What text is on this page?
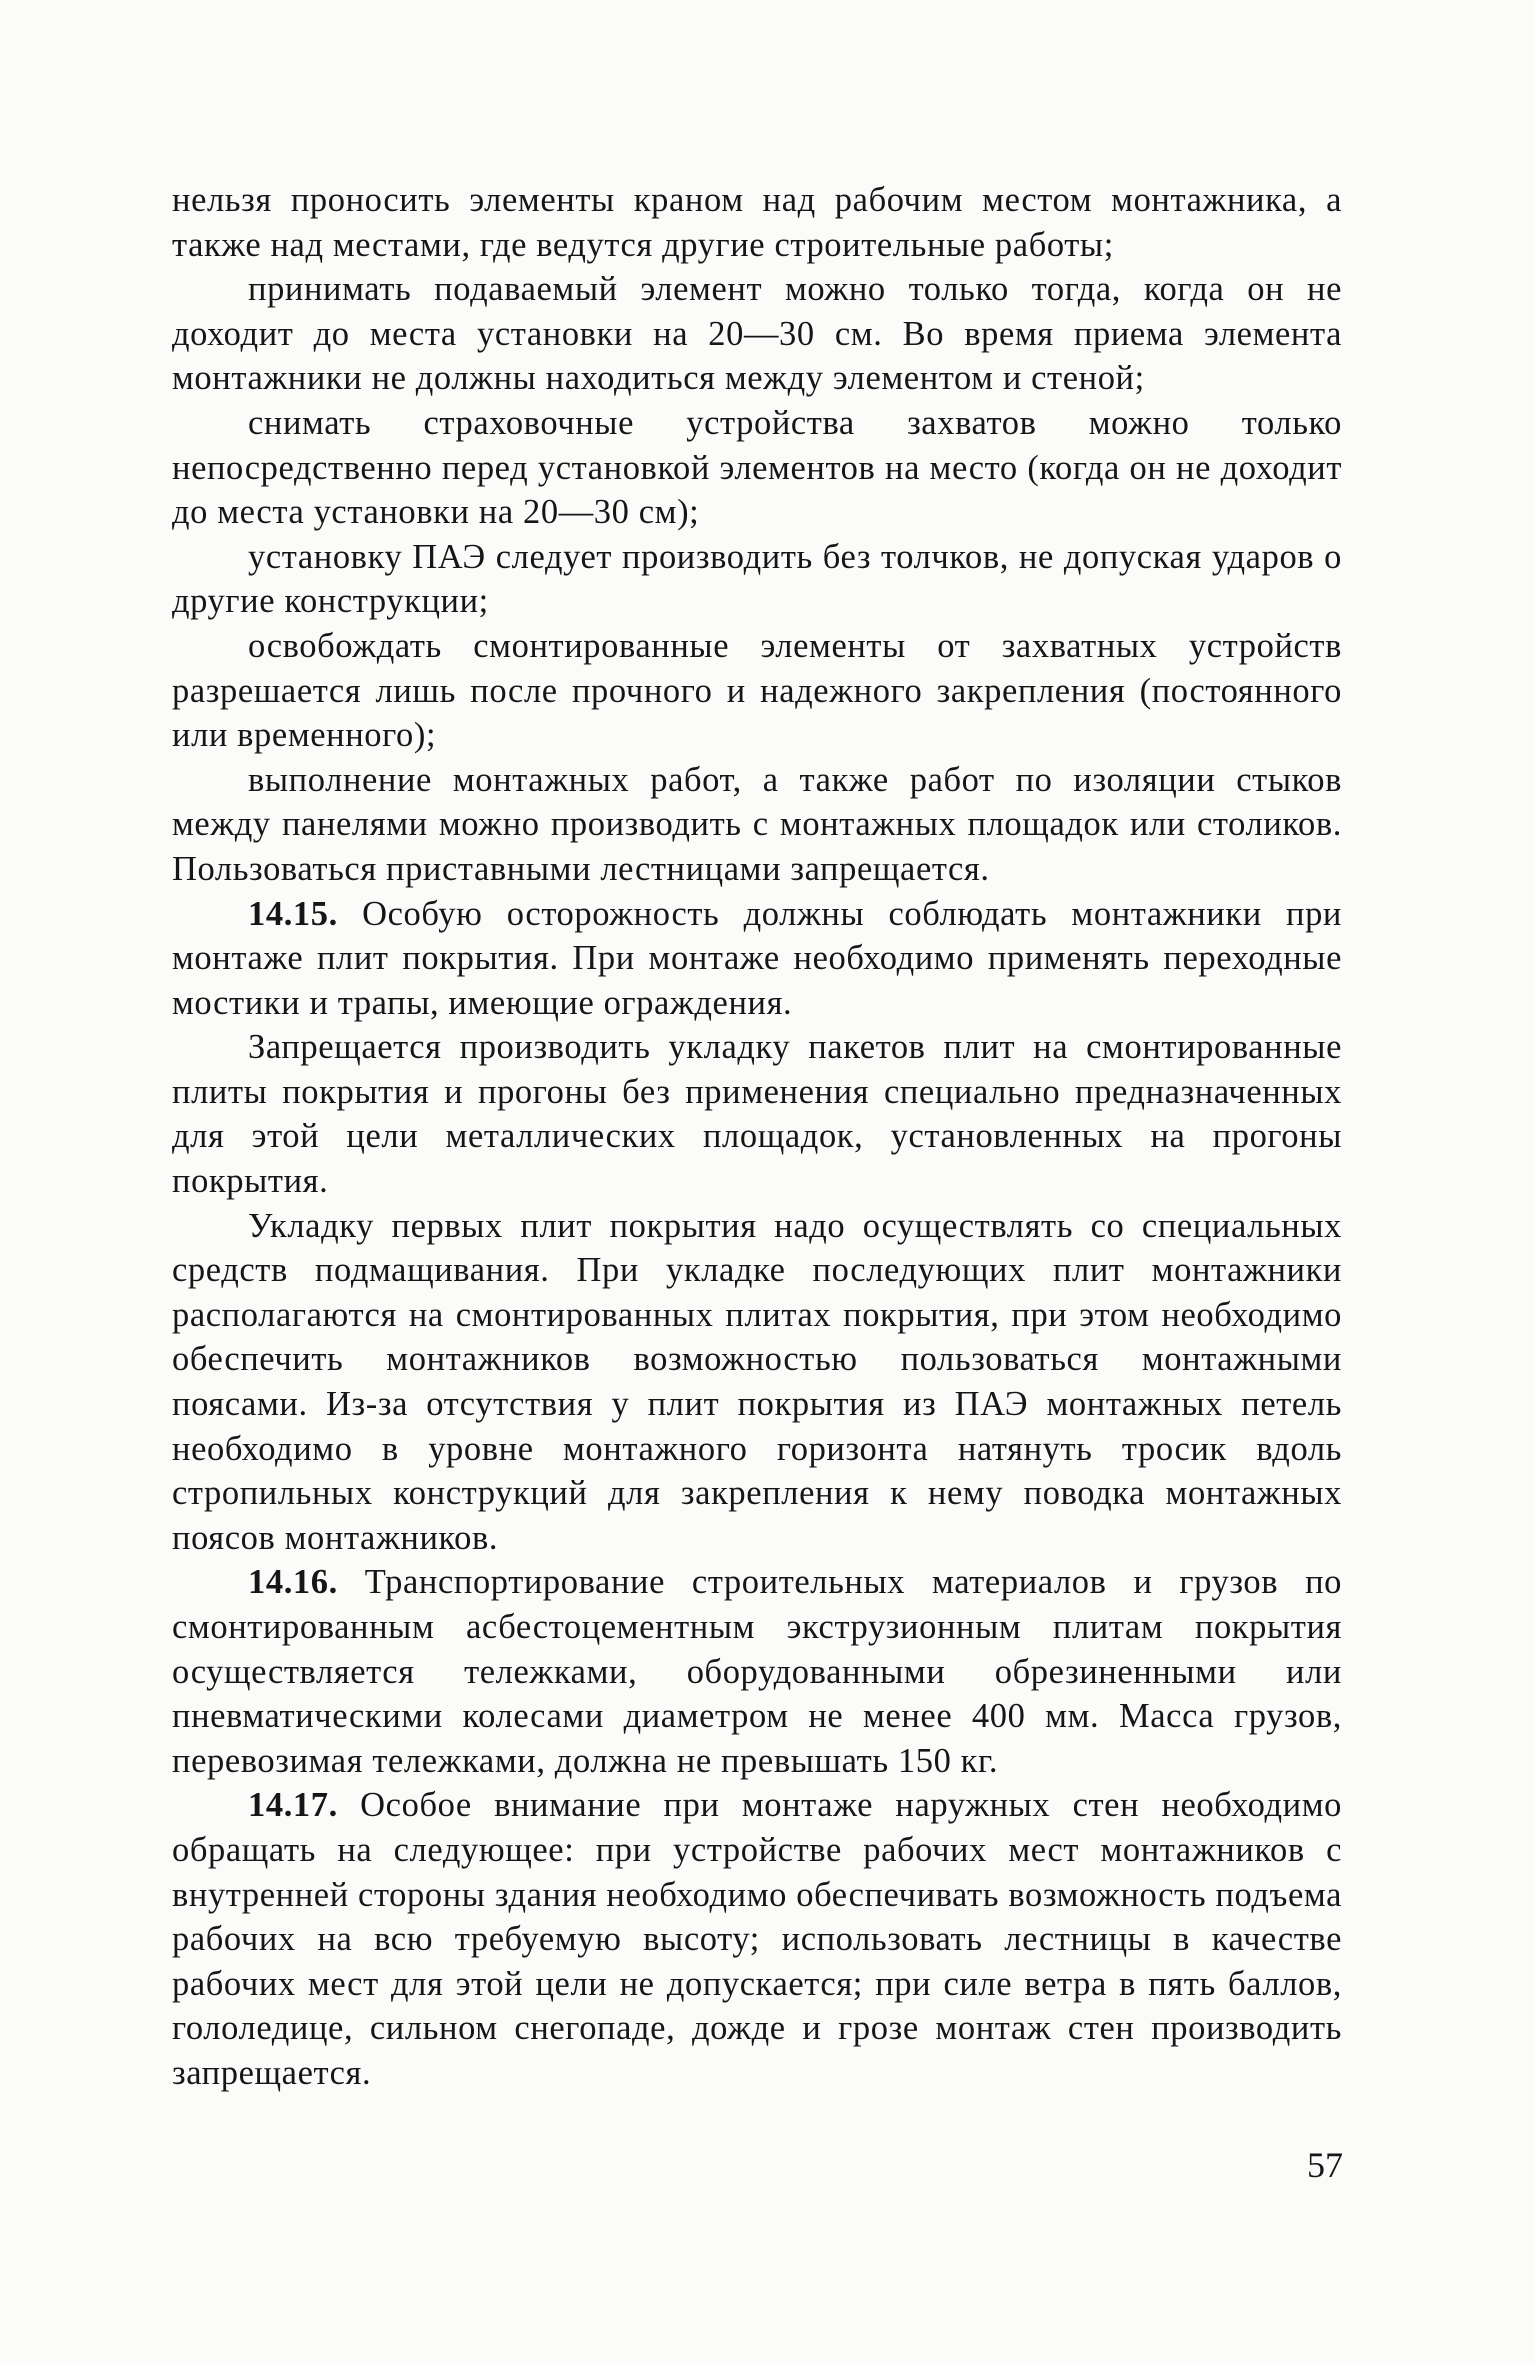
нельзя проносить элементы краном над рабочим местом монтажника, а также над местами, где ведутся другие строительные работы;

принимать подаваемый элемент можно только тогда, когда он не доходит до места установки на 20—30 см. Во время приема элемента монтажники не должны находиться между элементом и стеной;

снимать страховочные устройства захватов можно только непосредственно перед установкой элементов на место (когда он не доходит до места установки на 20—30 см);

установку ПАЭ следует производить без толчков, не допуская ударов о другие конструкции;

освобождать смонтированные элементы от захватных устройств разрешается лишь после прочного и надежного закрепления (постоянного или временного);

выполнение монтажных работ, а также работ по изоляции стыков между панелями можно производить с монтажных площадок или столиков. Пользоваться приставными лестницами запрещается.

14.15. Особую осторожность должны соблюдать монтажники при монтаже плит покрытия. При монтаже необходимо применять переходные мостики и трапы, имеющие ограждения.

Запрещается производить укладку пакетов плит на смонтированные плиты покрытия и прогоны без применения специально предназначенных для этой цели металлических площадок, установленных на прогоны покрытия.

Укладку первых плит покрытия надо осуществлять со специальных средств подмащивания. При укладке последующих плит монтажники располагаются на смонтированных плитах покрытия, при этом необходимо обеспечить монтажников возможностью пользоваться монтажными поясами. Из-за отсутствия у плит покрытия из ПАЭ монтажных петель необходимо в уровне монтажного горизонта натянуть тросик вдоль стропильных конструкций для закрепления к нему поводка монтажных поясов монтажников.

14.16. Транспортирование строительных материалов и грузов по смонтированным асбестоцементным экструзионным плитам покрытия осуществляется тележками, оборудованными обрезиненными или пневматическими колесами диаметром не менее 400 мм. Масса грузов, перевозимая тележками, должна не превышать 150 кг.

14.17. Особое внимание при монтаже наружных стен необходимо обращать на следующее: при устройстве рабочих мест монтажников с внутренней стороны здания необходимо обеспечивать возможность подъема рабочих на всю требуемую высоту; использовать лестницы в качестве рабочих мест для этой цели не допускается; при силе ветра в пять баллов, гололедице, сильном снегопаде, дожде и грозе монтаж стен производить запрещается.

57
